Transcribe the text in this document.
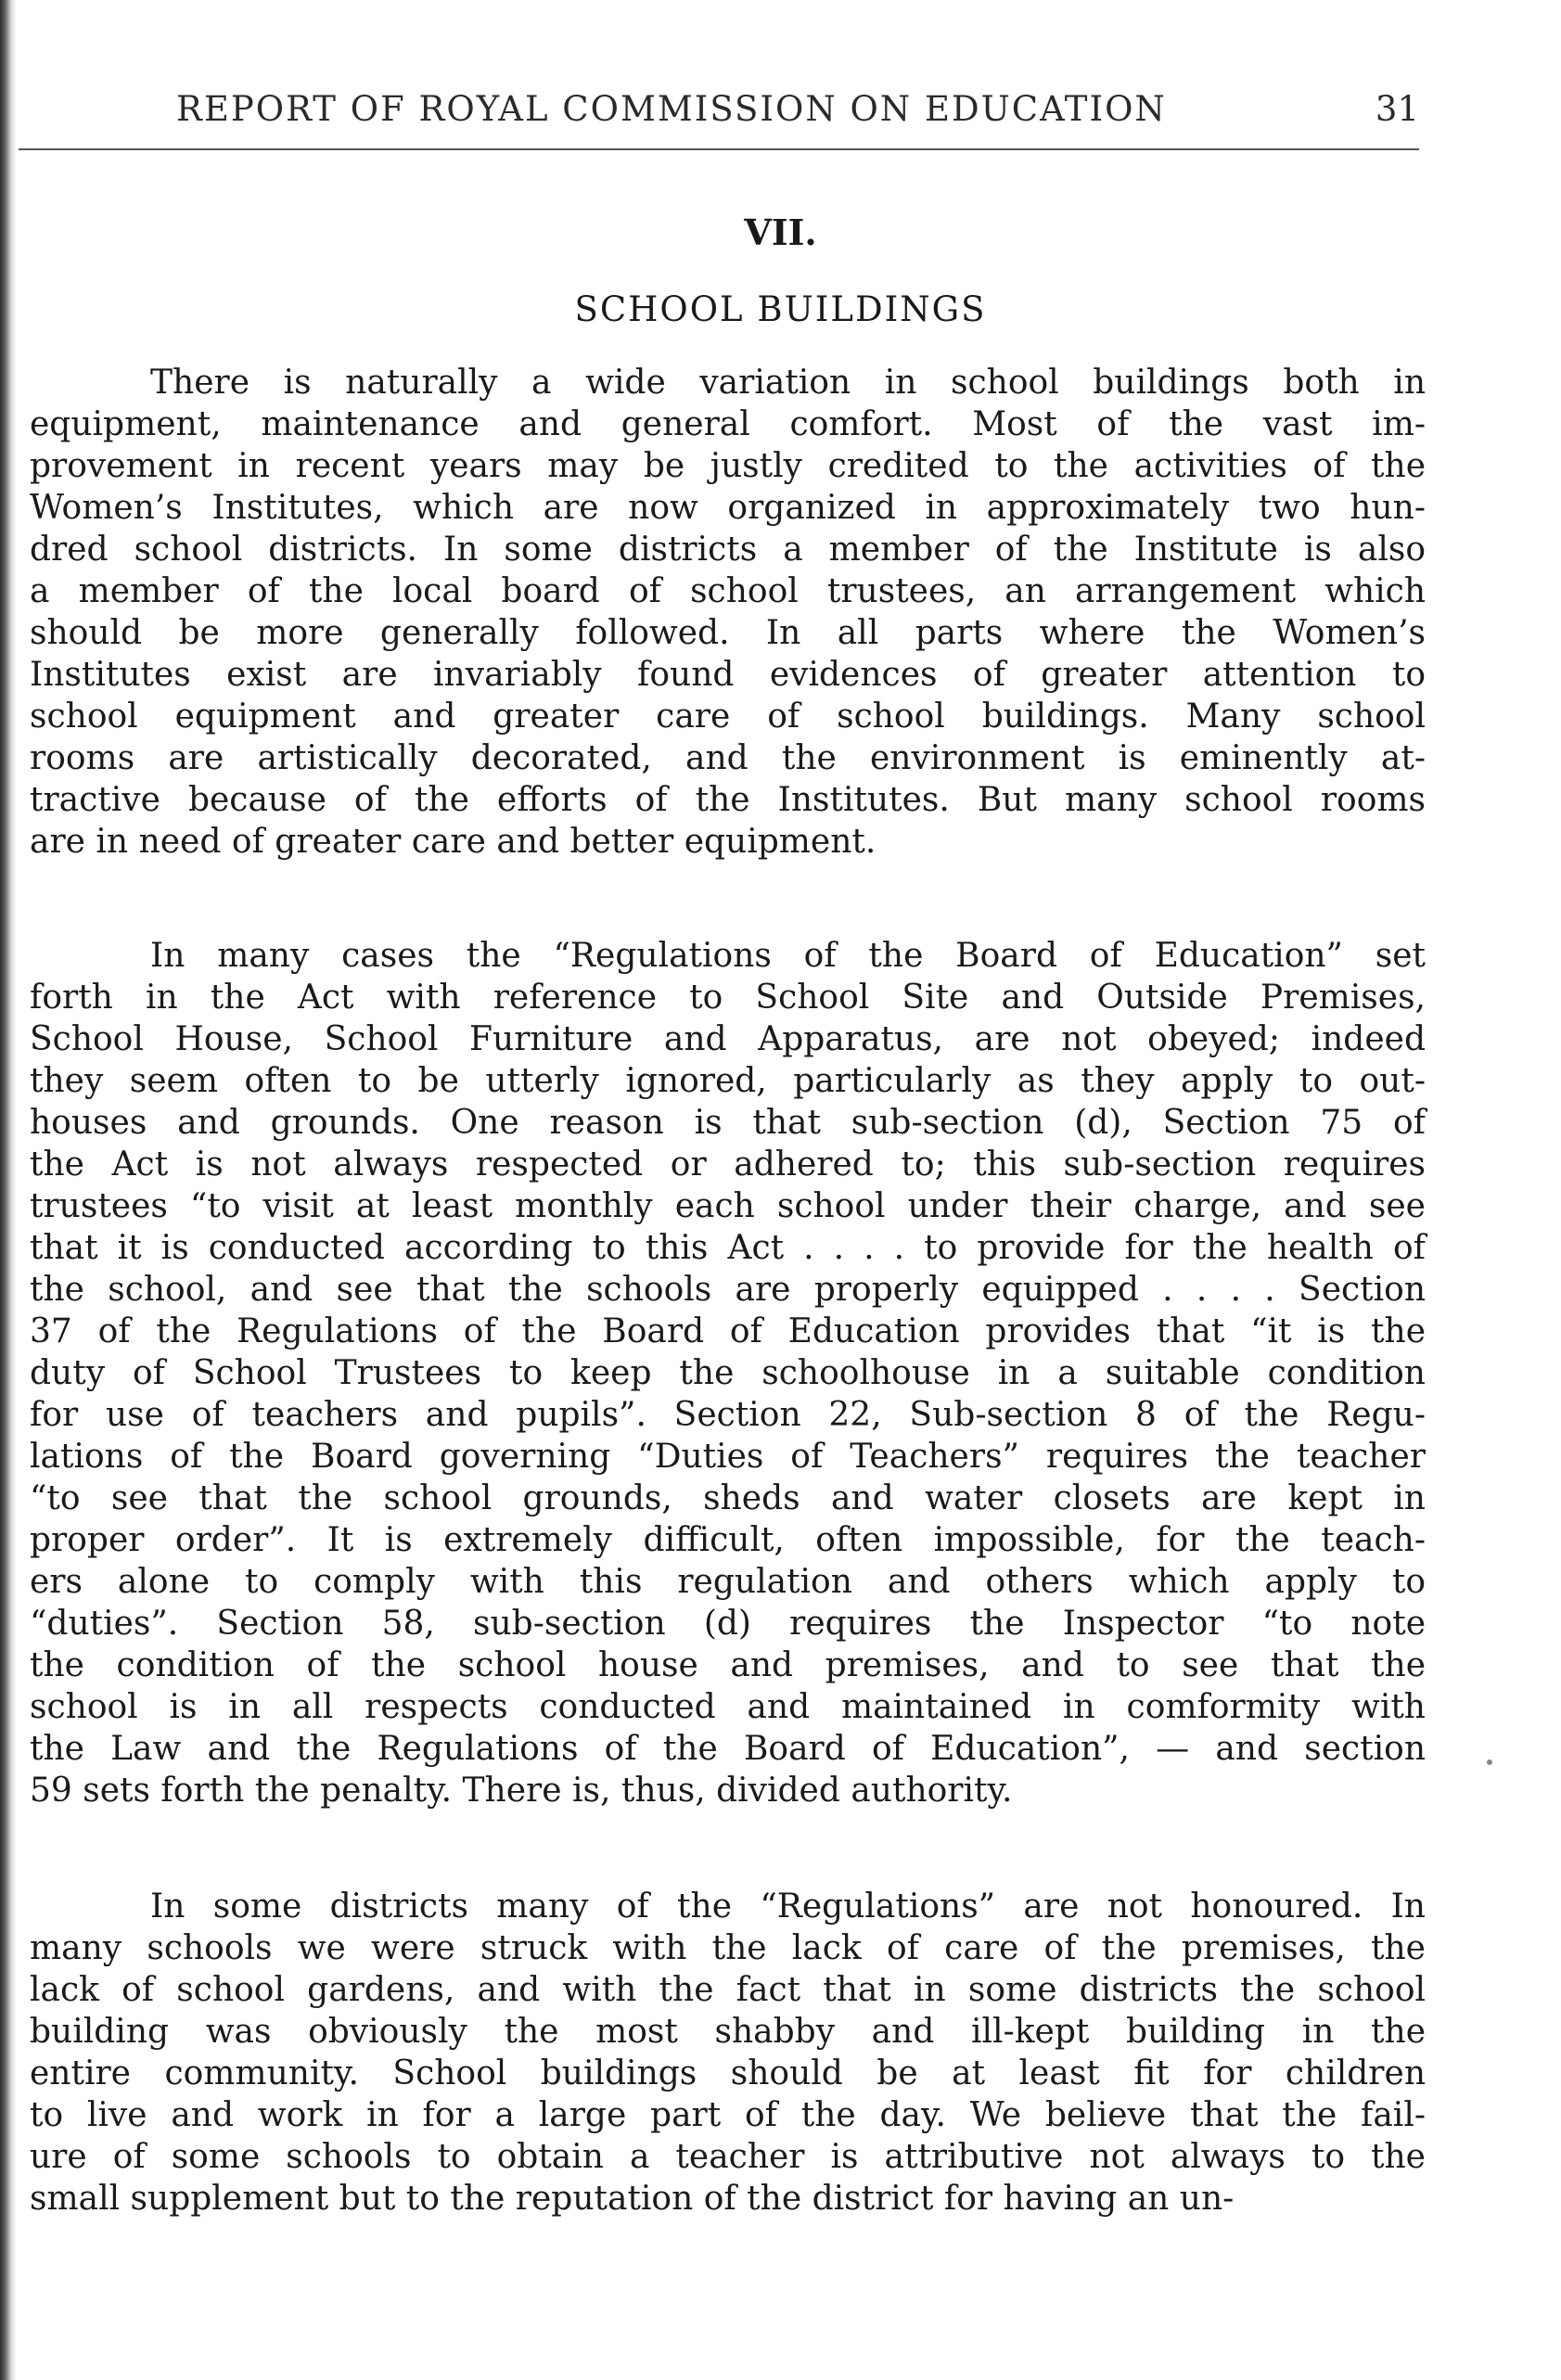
REPORT OF ROYAL COMMISSION ON EDUCATION	31
VII.
SCHOOL BUILDINGS
There is naturally a wide variation in school buildings both in
equipment, maintenance and general comfort. Most of the vast im-
provement in recent years may be justly credited to the activities of the
Women’s Institutes, which are now organized in approximately two hun-
dred school districts. In some districts a member of the Institute is also
a member of the local board of school trustees, an arrangement which
should be more generally followed. In all parts where the Women’s
Institutes exist are invariably found evidences of greater attention to
school equipment and greater care of school buildings. Many school
rooms are artistically decorated, and the environment is eminently at-
tractive because of the efforts of the Institutes. But many school rooms
are in need of greater care and better equipment.
In many cases the “Regulations of the Board of Education” set
forth in the Act with reference to School Site and Outside Premises,
School House, School Furniture and Apparatus, are not obeyed; indeed
they seem often to be utterly ignored, particularly as they apply to out-
houses and grounds. One reason is that sub-section (d), Section 75 of
the Act is not always respected or adhered to; this sub-section requires
trustees “to visit at least monthly each school under their charge, and see
that it is conducted according to this Act . . . . to provide for the health of
the school, and see that the schools are properly equipped . . . . Section
37 of the Regulations of the Board of Education provides that “it is the
duty of School Trustees to keep the schoolhouse in a suitable condition
for use of teachers and pupils”. Section 22, Sub-section 8 of the Regu-
lations of the Board governing “Duties of Teachers” requires the teacher
“to see that the school grounds, sheds and water closets are kept in
proper order”. It is extremely difficult, often impossible, for the teach-
ers alone to comply with this regulation and others which apply to
“duties”. Section 58, sub-section (d) requires the Inspector “to note
the condition of the school house and premises, and to see that the
school is in all respects conducted and maintained in comformity with
the Law and the Regulations of the Board of Education”, — and section
59 sets forth the penalty. There is, thus, divided authority.
In some districts many of the “Regulations” are not honoured. In
many schools we were struck with the lack of care of the premises, the
lack of school gardens, and with the fact that in some districts the school
building was obviously the most shabby and ill-kept building in the
entire community. School buildings should be at least fit for children
to live and work in for a large part of the day. We believe that the fail-
ure of some schools to obtain a teacher is attributive not always to the
small supplement but to the reputation of the district for having an un-
